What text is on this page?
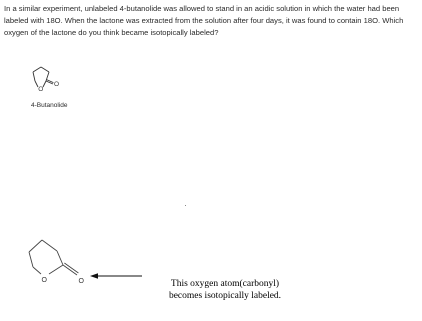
In a similar experiment, unlabeled 4-butanolide was allowed to stand in an acidic solution in which the water had been labeled with 18O. When the lactone was extracted from the solution after four days, it was found to contain 18O. Which oxygen of the lactone do you think became isotopically labeled?

O
O
4-Butanolide
O	O	This oxygen atom(carbonyl)
becomes isotopically labeled.
